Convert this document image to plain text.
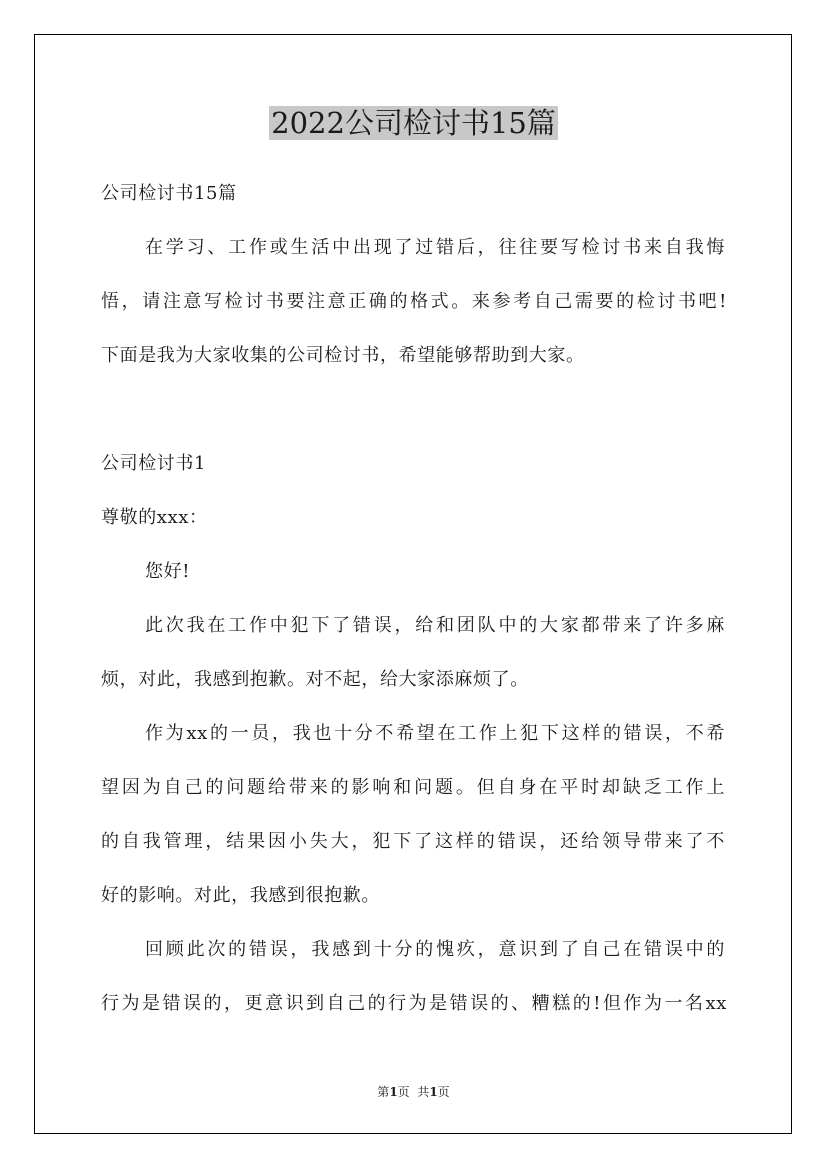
2022公司检讨书15篇

公司检讨书15篇

在学习、工作或生活中出现了过错后，往往要写检讨书来自我悔

悟，请注意写检讨书要注意正确的格式。来参考自己需要的检讨书吧!

下面是我为大家收集的公司检讨书，希望能够帮助到大家。

公司检讨书1

尊敬的xxx：

您好!

此次我在工作中犯下了错误，给和团队中的大家都带来了许多麻

烦，对此，我感到抱歉。对不起，给大家添麻烦了。

作为xx的一员，我也十分不希望在工作上犯下这样的错误，不希

望因为自己的问题给带来的影响和问题。但自身在平时却缺乏工作上

的自我管理，结果因小失大，犯下了这样的错误，还给领导带来了不

好的影响。对此，我感到很抱歉。

回顾此次的错误，我感到十分的愧疚，意识到了自己在错误中的

行为是错误的，更意识到自己的行为是错误的、糟糕的!但作为一名xx

第1页  共1页
